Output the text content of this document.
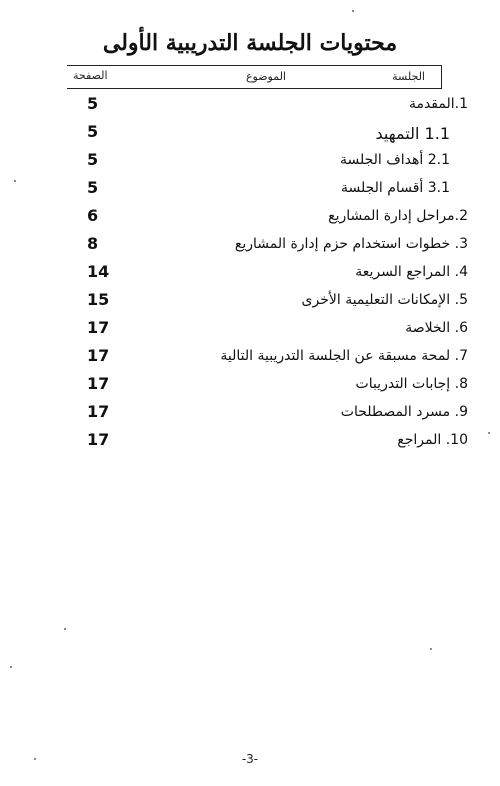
محتويات الجلسة التدريبية الأولى
الجلسة
الموضوع
الصفحة
1.المقدمة
5
1.1 التمهيد
5
2.1 أهداف الجلسة
5
3.1 أقسام الجلسة
5
2.مراحل إدارة المشاريع
6
3. خطوات استخدام حزم إدارة المشاريع
8
4. المراجع السريعة
14
5. الإمكانات التعليمية الأخرى
15
6. الخلاصة
17
7. لمحة مسبقة عن الجلسة التدريبية التالية
17
8. إجابات التدريبات
17
9. مسرد المصطلحات
17
10. المراجع
17
-3-
